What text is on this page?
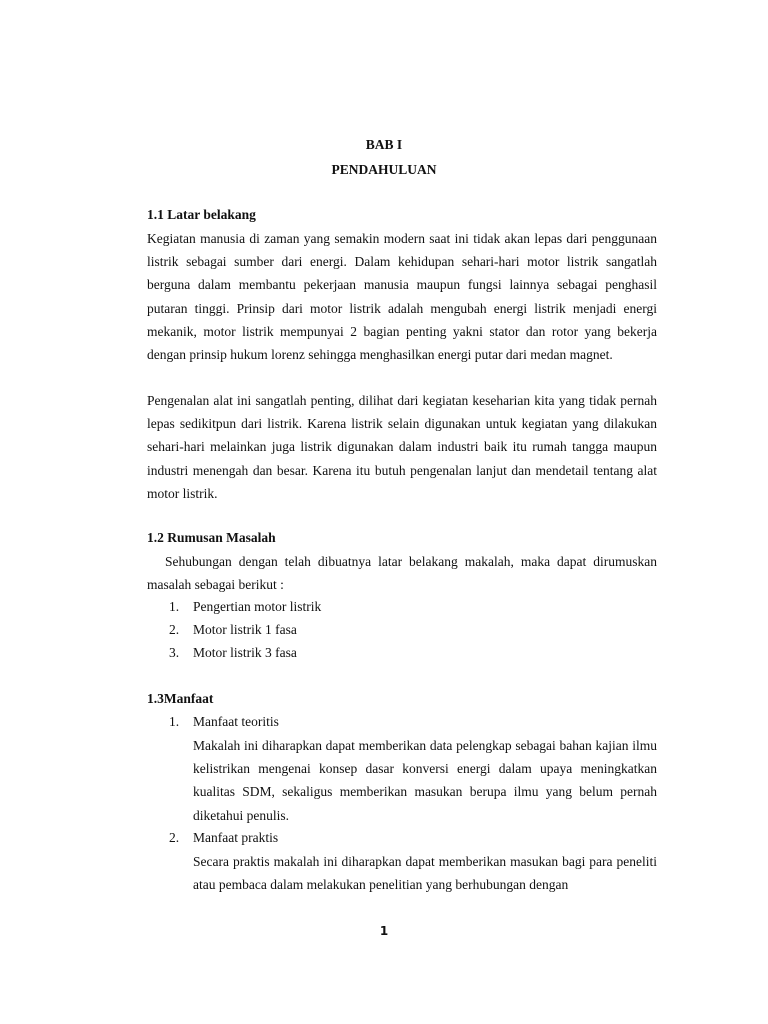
BAB I
PENDAHULUAN
1.1 Latar belakang

Kegiatan manusia di zaman yang semakin modern saat ini tidak akan lepas dari penggunaan listrik sebagai sumber dari energi. Dalam kehidupan sehari-hari motor listrik sangatlah berguna dalam membantu pekerjaan manusia maupun fungsi lainnya sebagai penghasil putaran tinggi. Prinsip dari motor listrik adalah mengubah energi listrik menjadi energi mekanik, motor listrik mempunyai 2 bagian penting yakni stator dan rotor yang bekerja dengan prinsip hukum lorenz sehingga menghasilkan energi putar dari medan magnet.

Pengenalan alat ini sangatlah penting, dilihat dari kegiatan keseharian kita yang tidak pernah lepas sedikitpun dari listrik. Karena listrik selain digunakan untuk kegiatan yang dilakukan sehari-hari melainkan juga listrik digunakan dalam industri baik itu rumah tangga maupun industri menengah dan besar. Karena itu butuh pengenalan lanjut dan mendetail tentang alat motor listrik.

1.2 Rumusan Masalah

Sehubungan dengan telah dibuatnya latar belakang makalah, maka dapat dirumuskan masalah sebagai berikut :

1. Pengertian motor listrik
2. Motor listrik 1 fasa
3. Motor listrik 3 fasa
1.3Manfaat
1. Manfaat teoritis

Makalah ini diharapkan dapat memberikan data pelengkap sebagai bahan kajian ilmu kelistrikan mengenai konsep dasar konversi energi dalam upaya meningkatkan kualitas SDM, sekaligus memberikan masukan berupa ilmu yang belum pernah diketahui penulis.

2. Manfaat praktis

Secara praktis makalah ini diharapkan dapat memberikan masukan bagi para peneliti atau pembaca dalam melakukan penelitian yang berhubungan dengan

1
